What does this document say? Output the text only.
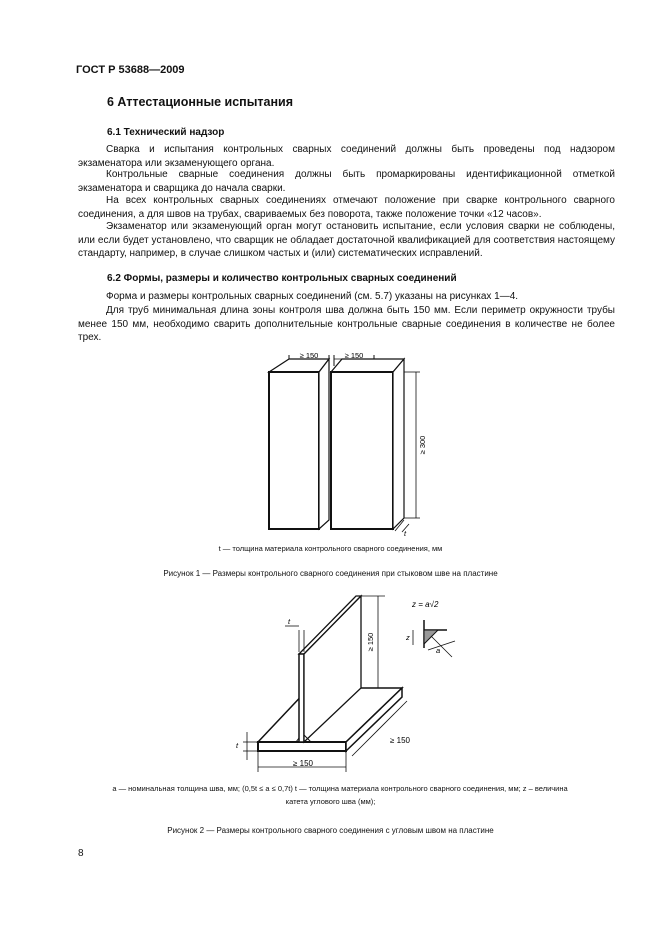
ГОСТ Р 53688—2009
6 Аттестационные испытания
6.1 Технический надзор
Сварка и испытания контрольных сварных соединений должны быть проведены под надзором экзаменатора или экзаменующего органа.
Контрольные сварные соединения должны быть промаркированы идентификационной отметкой экзаменатора и сварщика до начала сварки.
На всех контрольных сварных соединениях отмечают положение при сварке контрольного сварного соединения, а для швов на трубах, свариваемых без поворота, также положение точки «12 часов».
Экзаменатор или экзаменующий орган могут остановить испытание, если условия сварки не соблюдены, или если будет установлено, что сварщик не обладает достаточной квалификацией для соответствия настоящему стандарту, например, в случае слишком частых и (или) систематических исправлений.
6.2 Формы, размеры и количество контрольных сварных соединений
Форма и размеры контрольных сварных соединений (см. 5.7) указаны на рисунках 1—4.
Для труб минимальная длина зоны контроля шва должна быть 150 мм. Если периметр окружности трубы менее 150 мм, необходимо сварить дополнительные контрольные сварные соединения в количестве не более трех.
≥ 150	≥ 150
≥ 300
t
t — толщина материала контрольного сварного соединения, мм
Рисунок 1 — Размеры контрольного сварного соединения при стыковом шве на пластине
z = a√2
≥ 150
≥ 150
≥ 150
t
t
z
a
a — номинальная толщина шва, мм; (0,5t ≤ a ≤ 0,7t) t — толщина материала контрольного сварного соединения, мм; z – величина
катета углового шва (мм);
Рисунок 2 — Размеры контрольного сварного соединения с угловым швом на пластине
8
